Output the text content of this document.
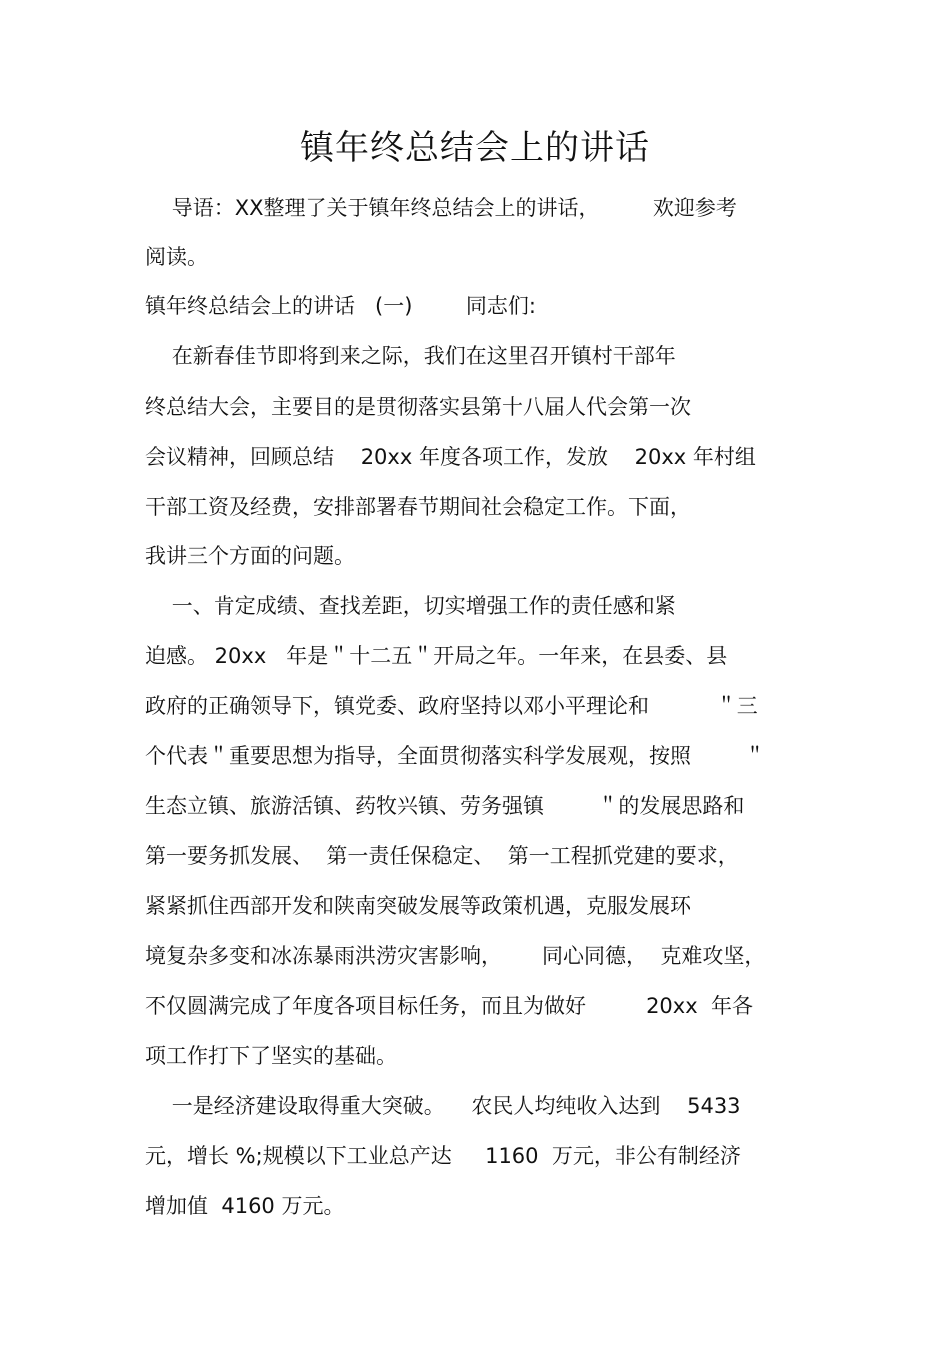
镇年终总结会上的讲话

导语：XX整理了关于镇年终总结会上的讲话，        欢迎参考

阅读。

镇年终总结会上的讲话   (一)        同志们:

在新春佳节即将到来之际，我们在这里召开镇村干部年

终总结大会，主要目的是贯彻落实县第十八届人代会第一次

会议精神，回顾总结    20xx 年度各项工作，发放    20xx 年村组

干部工资及经费，安排部署春节期间社会稳定工作。下面，

我讲三个方面的问题。

一、肯定成绩、查找差距，切实增强工作的责任感和紧

迫感。 20xx   年是＂十二五＂开局之年。一年来，在县委、县

政府的正确领导下，镇党委、政府坚持以邓小平理论和          ＂三

个代表＂重要思想为指导，全面贯彻落实科学发展观，按照        ＂

生态立镇、旅游活镇、药牧兴镇、劳务强镇        ＂的发展思路和

第一要务抓发展、  第一责任保稳定、  第一工程抓党建的要求，

紧紧抓住西部开发和陕南突破发展等政策机遇，克服发展环

境复杂多变和冰冻暴雨洪涝灾害影响，      同心同德，  克难攻坚，

不仅圆满完成了年度各项目标任务，而且为做好         20xx  年各

项工作打下了坚实的基础。

一是经济建设取得重大突破。    农民人均纯收入达到    5433

元，增长 %;规模以下工业总产达     1160  万元，非公有制经济

增加值  4160 万元。
